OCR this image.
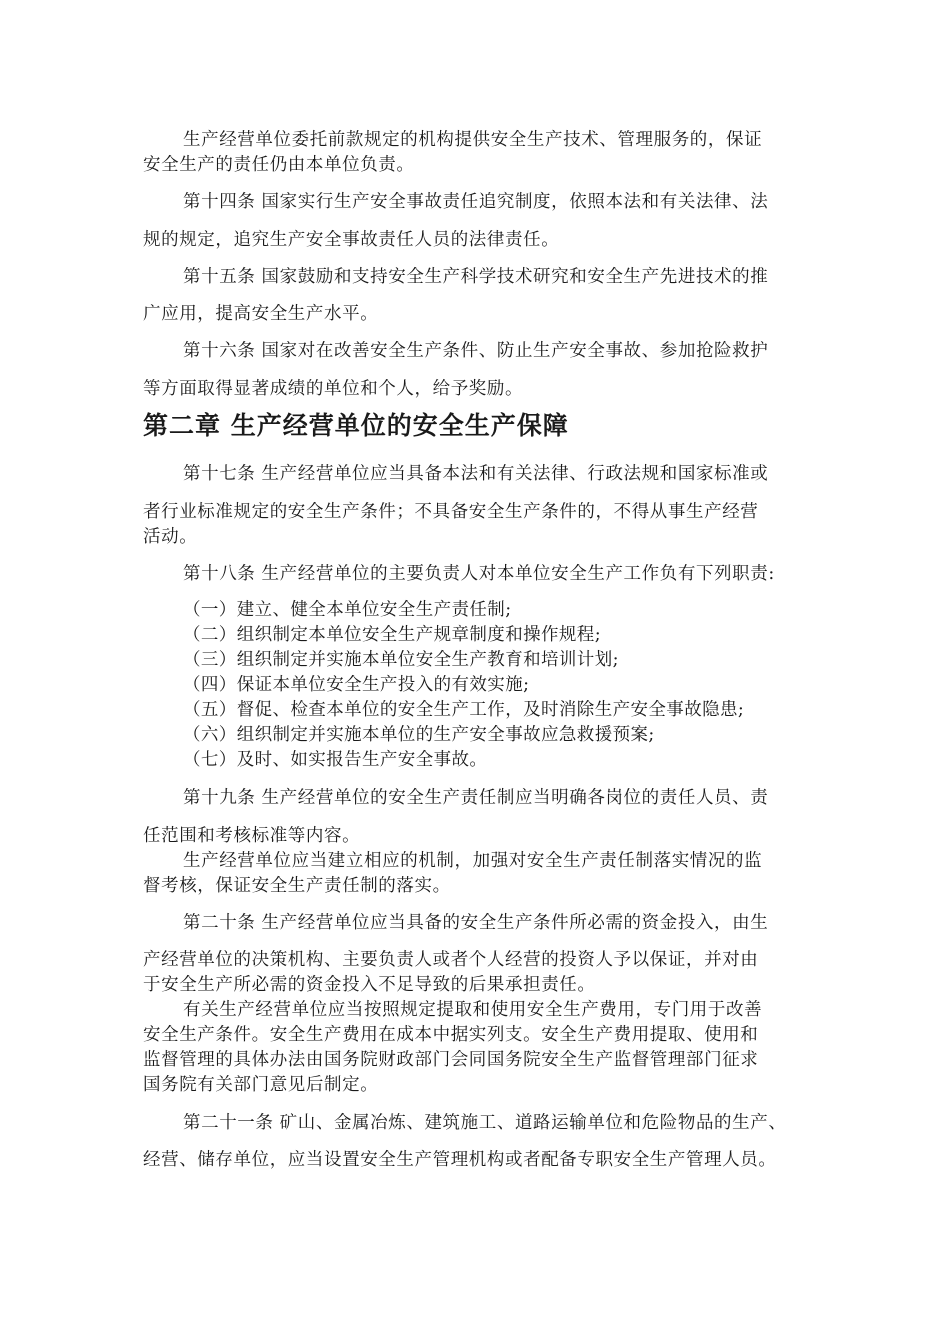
生产经营单位委托前款规定的机构提供安全生产技术、管理服务的，保证
安全生产的责任仍由本单位负责。
第十四条 国家实行生产安全事故责任追究制度，依照本法和有关法律、法
规的规定，追究生产安全事故责任人员的法律责任。
第十五条 国家鼓励和支持安全生产科学技术研究和安全生产先进技术的推
广应用，提高安全生产水平。
第十六条 国家对在改善安全生产条件、防止生产安全事故、参加抢险救护
等方面取得显著成绩的单位和个人，给予奖励。
第二章 生产经营单位的安全生产保障
第十七条 生产经营单位应当具备本法和有关法律、行政法规和国家标准或
者行业标准规定的安全生产条件；不具备安全生产条件的，不得从事生产经营
活动。
第十八条 生产经营单位的主要负责人对本单位安全生产工作负有下列职责:
（一）建立、健全本单位安全生产责任制;
（二）组织制定本单位安全生产规章制度和操作规程;
（三）组织制定并实施本单位安全生产教育和培训计划;
（四）保证本单位安全生产投入的有效实施;
（五）督促、检查本单位的安全生产工作，及时消除生产安全事故隐患;
（六）组织制定并实施本单位的生产安全事故应急救援预案;
（七）及时、如实报告生产安全事故。
第十九条 生产经营单位的安全生产责任制应当明确各岗位的责任人员、责
任范围和考核标准等内容。
生产经营单位应当建立相应的机制，加强对安全生产责任制落实情况的监
督考核，保证安全生产责任制的落实。
第二十条 生产经营单位应当具备的安全生产条件所必需的资金投入，由生
产经营单位的决策机构、主要负责人或者个人经营的投资人予以保证，并对由
于安全生产所必需的资金投入不足导致的后果承担责任。
有关生产经营单位应当按照规定提取和使用安全生产费用，专门用于改善
安全生产条件。安全生产费用在成本中据实列支。安全生产费用提取、使用和
监督管理的具体办法由国务院财政部门会同国务院安全生产监督管理部门征求
国务院有关部门意见后制定。
第二十一条 矿山、金属冶炼、建筑施工、道路运输单位和危险物品的生产、
经营、储存单位，应当设置安全生产管理机构或者配备专职安全生产管理人员。
